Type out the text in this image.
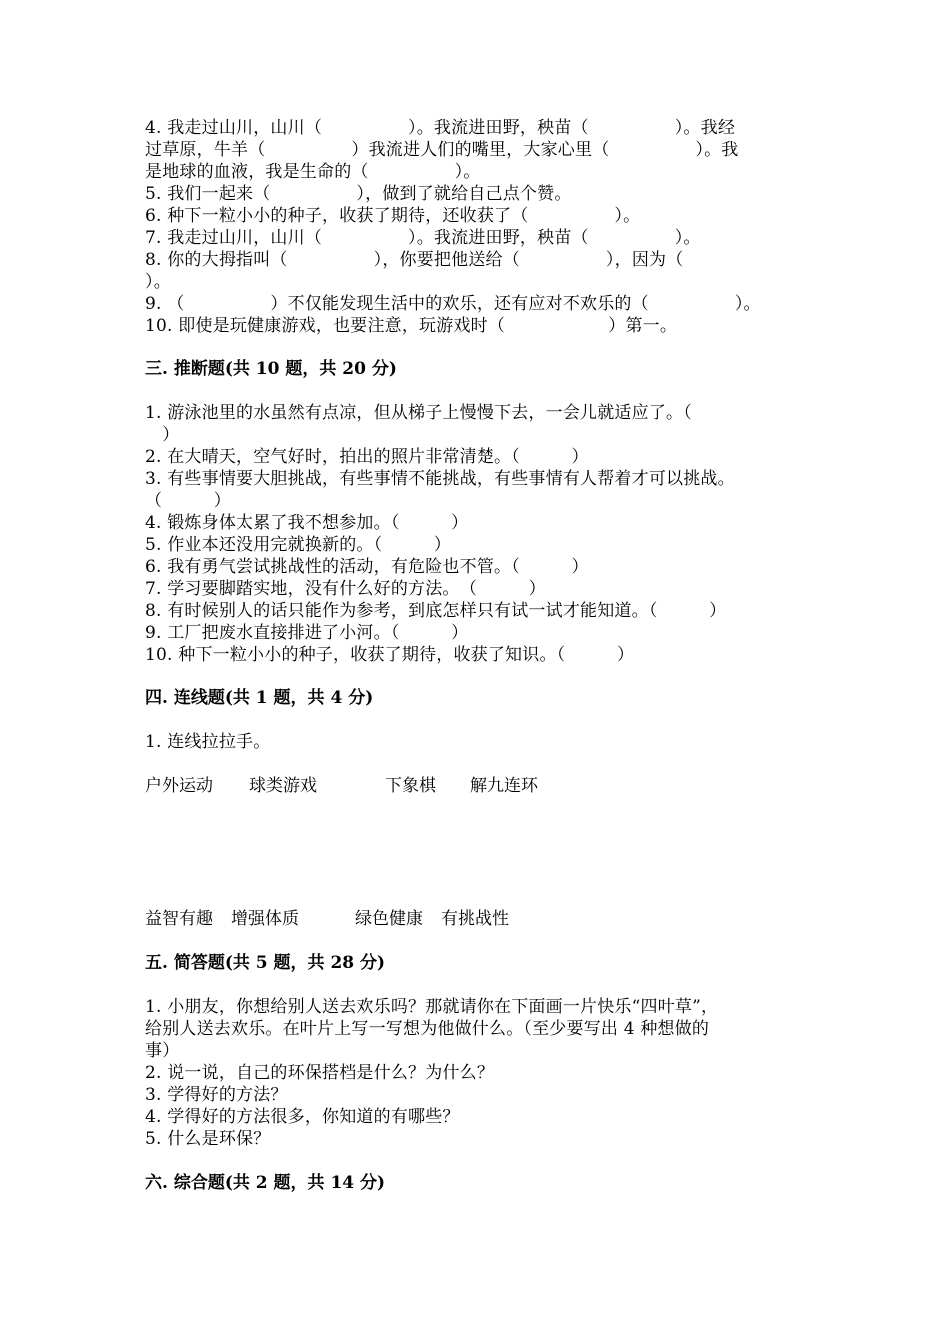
4. 我走过山川，山川（　　　　　）。我流进田野，秧苗（　　　　　）。我经
过草原，牛羊（　　　　　）我流进人们的嘴里，大家心里（　　　　　）。我
是地球的血液，我是生命的（　　　　　）。
5. 我们一起来（　　　　　），做到了就给自己点个赞。
6. 种下一粒小小的种子，收获了期待，还收获了（　　　　　）。
7. 我走过山川，山川（　　　　　）。我流进田野，秧苗（　　　　　）。
8. 你的大拇指叫（　　　　　），你要把他送给（　　　　　），因为（
）。
9. （　　　　　）不仅能发现生活中的欢乐，还有应对不欢乐的（　　　　　）。
10. 即使是玩健康游戏，也要注意，玩游戏时（　　　　　　）第一。
三. 推断题(共 10 题，共 20 分)
1. 游泳池里的水虽然有点凉，但从梯子上慢慢下去，一会儿就适应了。（
　）
2. 在大晴天，空气好时，拍出的照片非常清楚。（　　　）
3. 有些事情要大胆挑战，有些事情不能挑战，有些事情有人帮着才可以挑战。
（　　　）
4. 锻炼身体太累了我不想参加。（　　　）
5. 作业本还没用完就换新的。（　　　）
6. 我有勇气尝试挑战性的活动，有危险也不管。（　　　）
7. 学习要脚踏实地，没有什么好的方法。　（　　　）
8. 有时候别人的话只能作为参考，到底怎样只有试一试才能知道。（　　　）
9. 工厂把废水直接排进了小河。（　　　）
10. 种下一粒小小的种子，收获了期待，收获了知识。（　　　）
四. 连线题(共 1 题，共 4 分)
1. 连线拉拉手。
户外运动 球类游戏	下象棋 解九连环
益智有趣 增强体质	绿色健康 有挑战性
五. 简答题(共 5 题，共 28 分)
1. 小朋友，你想给别人送去欢乐吗？那就请你在下面画一片快乐“四叶草”，
给别人送去欢乐。在叶片上写一写想为他做什么。（至少要写出 4 种想做的
事）
2. 说一说，自己的环保搭档是什么？为什么？
3. 学得好的方法？
4. 学得好的方法很多，你知道的有哪些？
5. 什么是环保？
六. 综合题(共 2 题，共 14 分)
